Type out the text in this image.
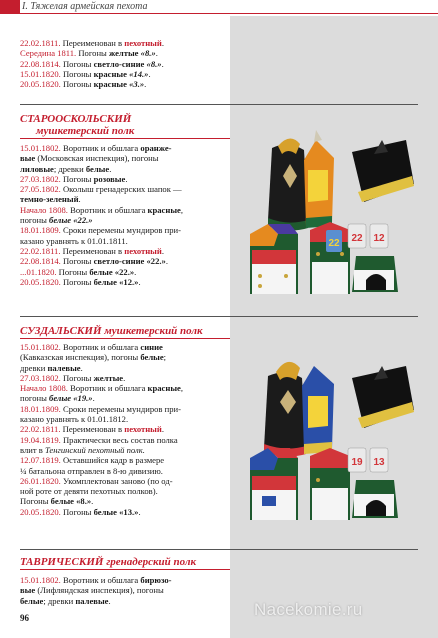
I. Тяжелая армейская пехота

22.02.1811. Переименован в пехотный.

Середина 1811. Погоны желтые «8.».

22.08.1814. Погоны светло-синие «8.».

15.01.1820. Погоны красные «14.».

20.05.1820. Погоны красные «3.».

СТАРООСКОЛЬСКИЙ
мушкетерский полк

15.01.1802. Воротник и обшлага оранже-

вые (Московская инспекция), погоны

лиловые; древки белые.

27.03.1802. Погоны розовые.

27.05.1802. Околыш гренадерских шапок —

темно-зеленый.

Начало 1808. Воротник и обшлага красные,

погоны белые «22.»

18.01.1809. Сроки перемены мундиров при-

казано уравнять к 01.01.1811.

22.02.1811. Переименован в пехотный.

22.08.1814. Погоны светло-синие «22.».

...01.1820. Погоны белые «22.».

20.05.1820. Погоны белые «12.».

СУЗДАЛЬСКИЙ мушкетерский полк

15.01.1802. Воротник и обшлага синие

(Кавказская инспекция), погоны белые;

древки палевые.

27.03.1802. Погоны желтые.

Начало 1808. Воротник и обшлага красные,

погоны белые «19.».

18.01.1809. Сроки перемены мундиров при-

казано уравнять к 01.01.1812.

22.02.1811. Переименован в пехотный.

19.04.1819. Практически весь состав полка

влит в Тенгинский пехотный полк.

12.07.1819. Оставшийся кадр в размере

¼ батальона отправлен в 8-ю дивизию.

26.01.1820. Укомплектован заново (по од-

ной роте от девяти пехотных полков).

Погоны белые «8.».

20.05.1820. Погоны белые «13.».

ТАВРИЧЕСКИЙ гренадерский полк

15.01.1802. Воротник и обшлага бирюзо-

вые (Лифляндская инспекция), погоны

белые; древки палевые.

96	Nacekomie.ru
22 22 12
19 13
